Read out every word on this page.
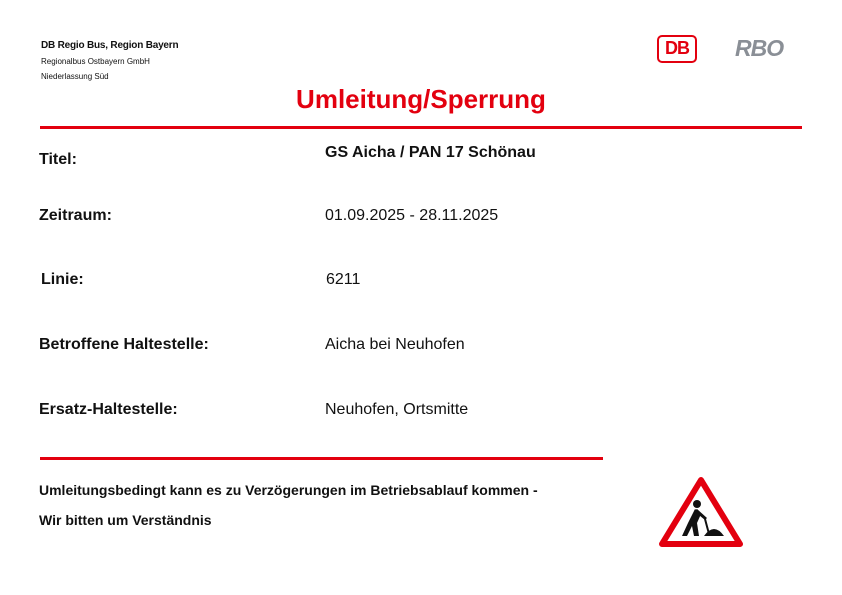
DB Regio Bus, Region Bayern
Regionalbus Ostbayern GmbH
Niederlassung Süd
DB	RBO
Umleitung/Sperrung
Titel:	GS Aicha / PAN 17 Schönau
Zeitraum:	01.09.2025 - 28.11.2025
Linie:	6211
Betroffene Haltestelle:	Aicha bei Neuhofen
Ersatz-Haltestelle:	Neuhofen, Ortsmitte
Umleitungsbedingt kann es zu Verzögerungen im Betriebsablauf kommen -
Wir bitten um Verständnis
